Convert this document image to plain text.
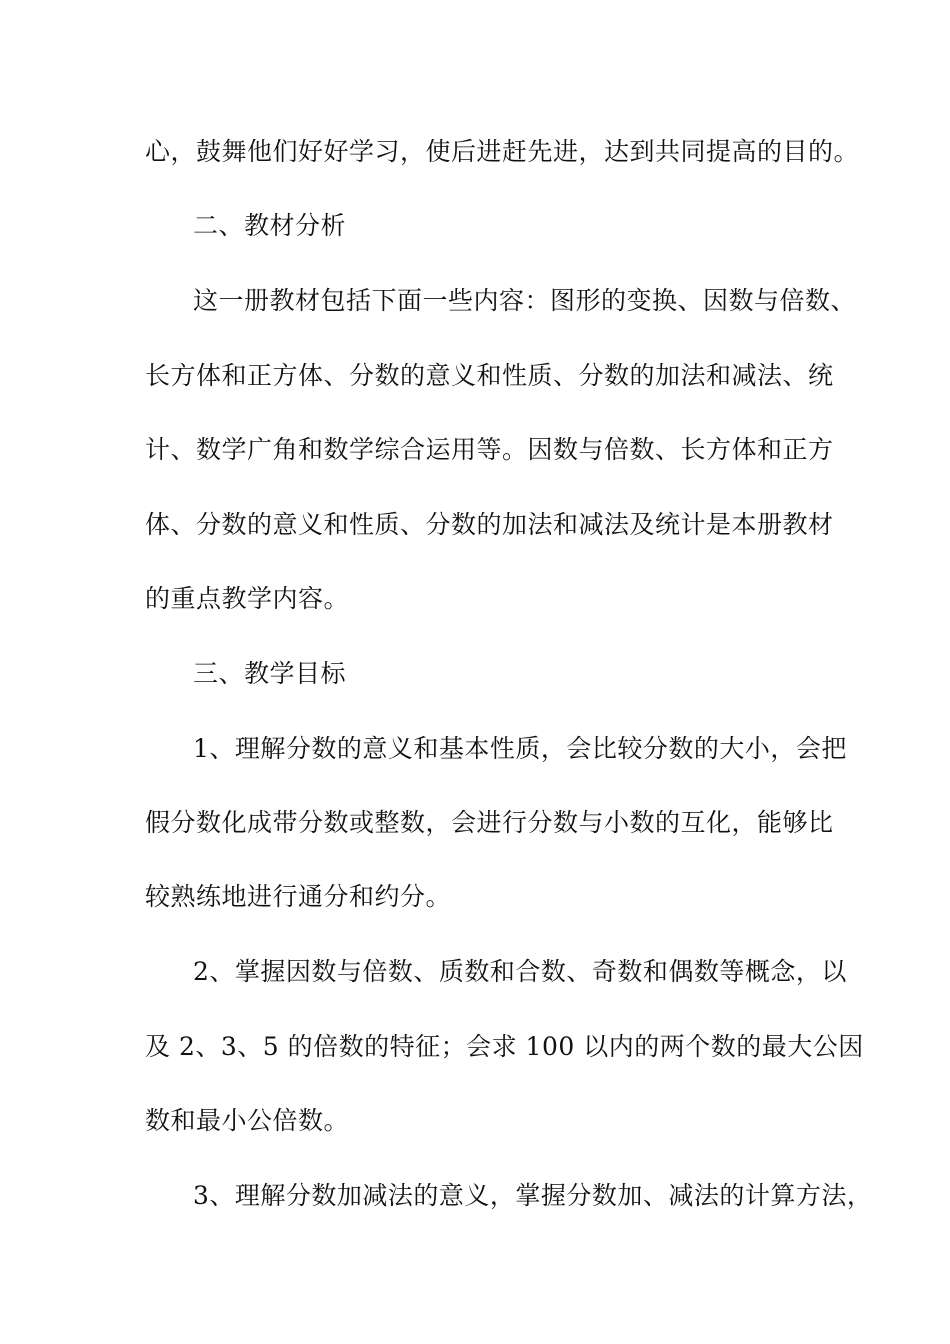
心，鼓舞他们好好学习，使后进赶先进，达到共同提高的目的。
二、教材分析
这一册教材包括下面一些内容：图形的变换、因数与倍数、
长方体和正方体、分数的意义和性质、分数的加法和减法、统
计、数学广角和数学综合运用等。因数与倍数、长方体和正方
体、分数的意义和性质、分数的加法和减法及统计是本册教材
的重点教学内容。
三、教学目标
1、理解分数的意义和基本性质，会比较分数的大小，会把
假分数化成带分数或整数，会进行分数与小数的互化，能够比
较熟练地进行通分和约分。
2、掌握因数与倍数、质数和合数、奇数和偶数等概念，以
及 2、3、5 的倍数的特征；会求 100 以内的两个数的最大公因
数和最小公倍数。
3、理解分数加减法的意义，掌握分数加、减法的计算方法，
